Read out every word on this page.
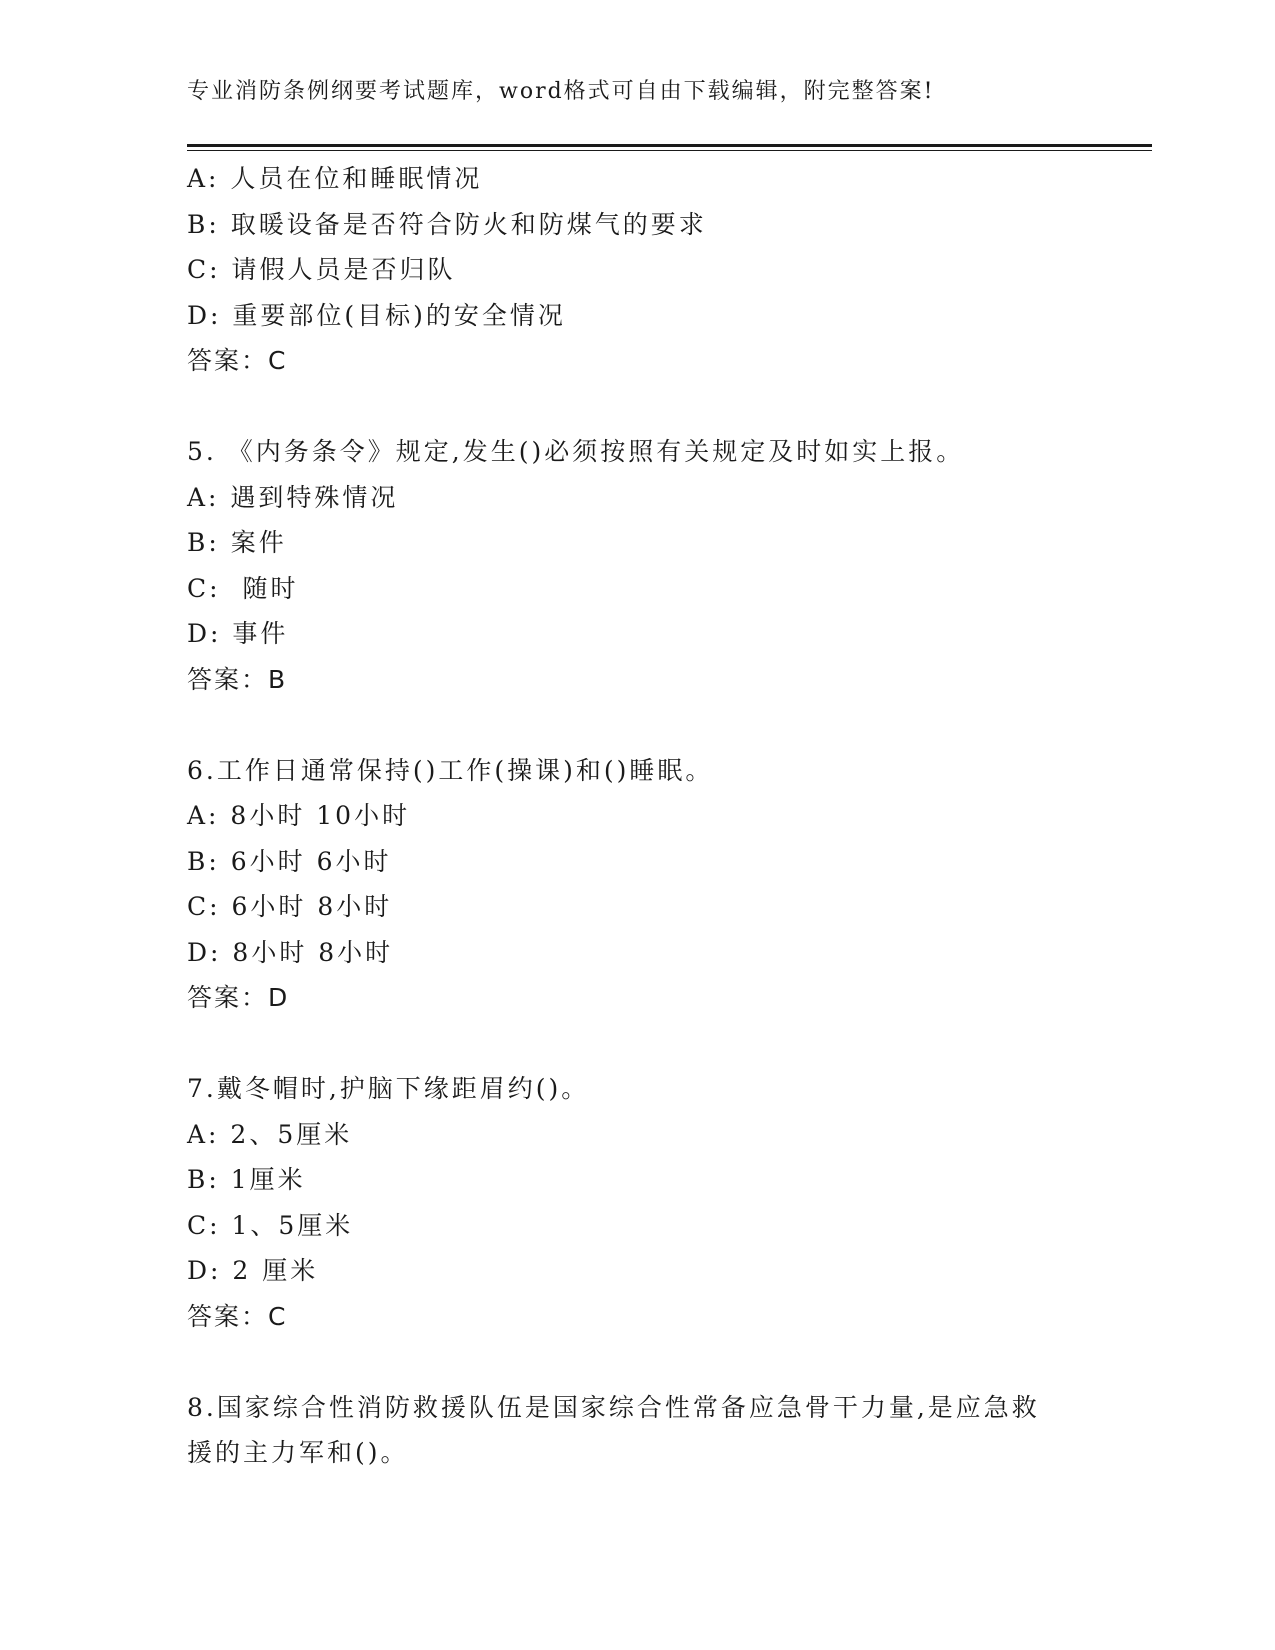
专业消防条例纲要考试题库，word格式可自由下载编辑，附完整答案!
A: 人员在位和睡眠情况
B: 取暖设备是否符合防火和防煤气的要求
C: 请假人员是否归队
D: 重要部位(目标)的安全情况
答案：C
5. 《内务条令》规定,发生()必须按照有关规定及时如实上报。
A: 遇到特殊情况
B: 案件
C:  随时
D: 事件
答案：B
6.工作日通常保持()工作(操课)和()睡眠。
A: 8小时 10小时
B: 6小时 6小时
C: 6小时 8小时
D: 8小时 8小时
答案：D
7.戴冬帽时,护脑下缘距眉约()。
A: 2、5厘米
B: 1厘米
C: 1、5厘米
D: 2 厘米
答案：C
8.国家综合性消防救援队伍是国家综合性常备应急骨干力量,是应急救
援的主力军和()。
